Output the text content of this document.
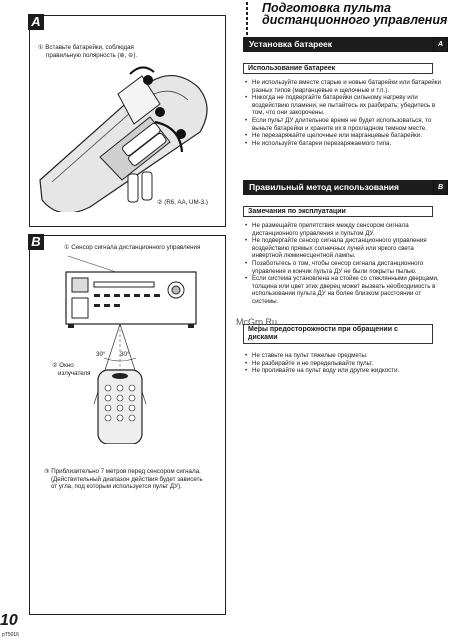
Подготовка пульта
дистанционного управления
A
① Вставьте батарейки, соблюдая
правильную полярность (⊕, ⊖).
③
② (R6, AA, UM-3.)
B	① Сенсор сигнала дистанционного управления
30° 30°
② Окно
излучателя
③ Приблизительно 7 метров перед сенсором сигнала.
(Действительный диапазон действия будет зависеть
от угла, под которым используется пульт ДУ).
Установка батареек	A
Использование батареек
• Не используйте вместе старые и новые батарейки или батарейки разных типов (марганцевые и щелочные и т.п.).
• Никогда не подвергайте батарейки сильному нагреву или воздействию пламени; не пытайтесь их разбирать; убедитесь в том, что они закорочены.
• Если пульт ДУ длительное время не будет использоваться, то выньте батарейки и храните их в прохладном темном месте.
• Не перезаряжайте щелочные или марганцевые батарейки.
• Не используйте батареи перезаряжаемого типа.
Правильный метод использования	B
Замечания по эксплуатации
• Не размещайте препятствия между сенсором сигнала дистанционного управления и пультом ДУ.
• Не подвергайте сенсор сигнала дистанционного управления воздействию прямых солнечных лучей или яркого света инвертной люминесцентной лампы.
• Позаботьтесь о том, чтобы сенсор сигнала дистанционного управления и кончик пульта ДУ не были покрыты пылью.
• Если система установлена на стойке со стеклянными дверцами, толщина или цвет этих дверец может вызвать необходимость в использовании пульта ДУ на более близком расстоянии от системы.
Меры предосторожности при обращении с
дисками
• Не ставьте на пульт тяжелые предметы.
• Не разбирайте и не переделывайте пульт.
• Не проливайте на пульт воду или другие жидкости.
McGrp.Ru
10
pT5016
